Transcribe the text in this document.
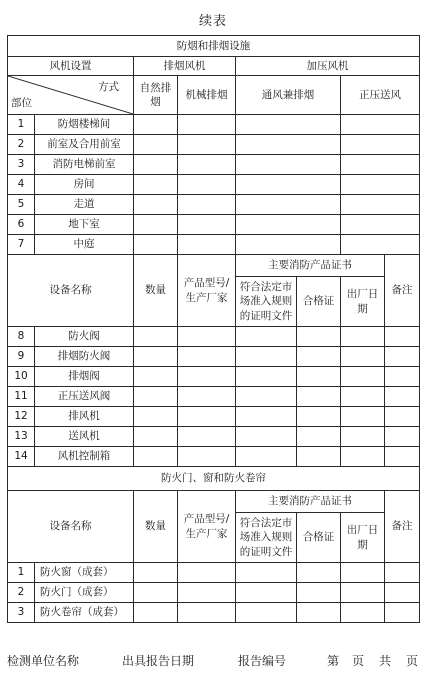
续表
防烟和排烟设施							
风机设置		排烟风机		加压风机			

方式
部位		自然排烟	机械排烟	通风兼排烟		正压送风	
1	防烟楼梯间						
2	前室及合用前室						
3	消防电梯前室						
4	房间						
5	走道						
6	地下室						
7	中庭						
设备名称		数量	产品型号/生产厂家	主要消防产品证书			备注
				符合法定市场准入规则的证明文件	合格证	出厂日期	

8	防火阀						
9	排烟防火阀						
10	排烟阀						
11	正压送风阀						
12	排风机						
13	送风机						
14	风机控制箱						
防火门、窗和防火卷帘							
设备名称		数量	产品型号/生产厂家	主要消防产品证书			备注
				符合法定市场准入规则的证明文件	合格证	出厂日期	

1	防火窗（成套）						
2	防火门（成套）						
3	防火卷帘（成套）						
检测单位名称	出具报告日期	报告编号	第 页 共 页
